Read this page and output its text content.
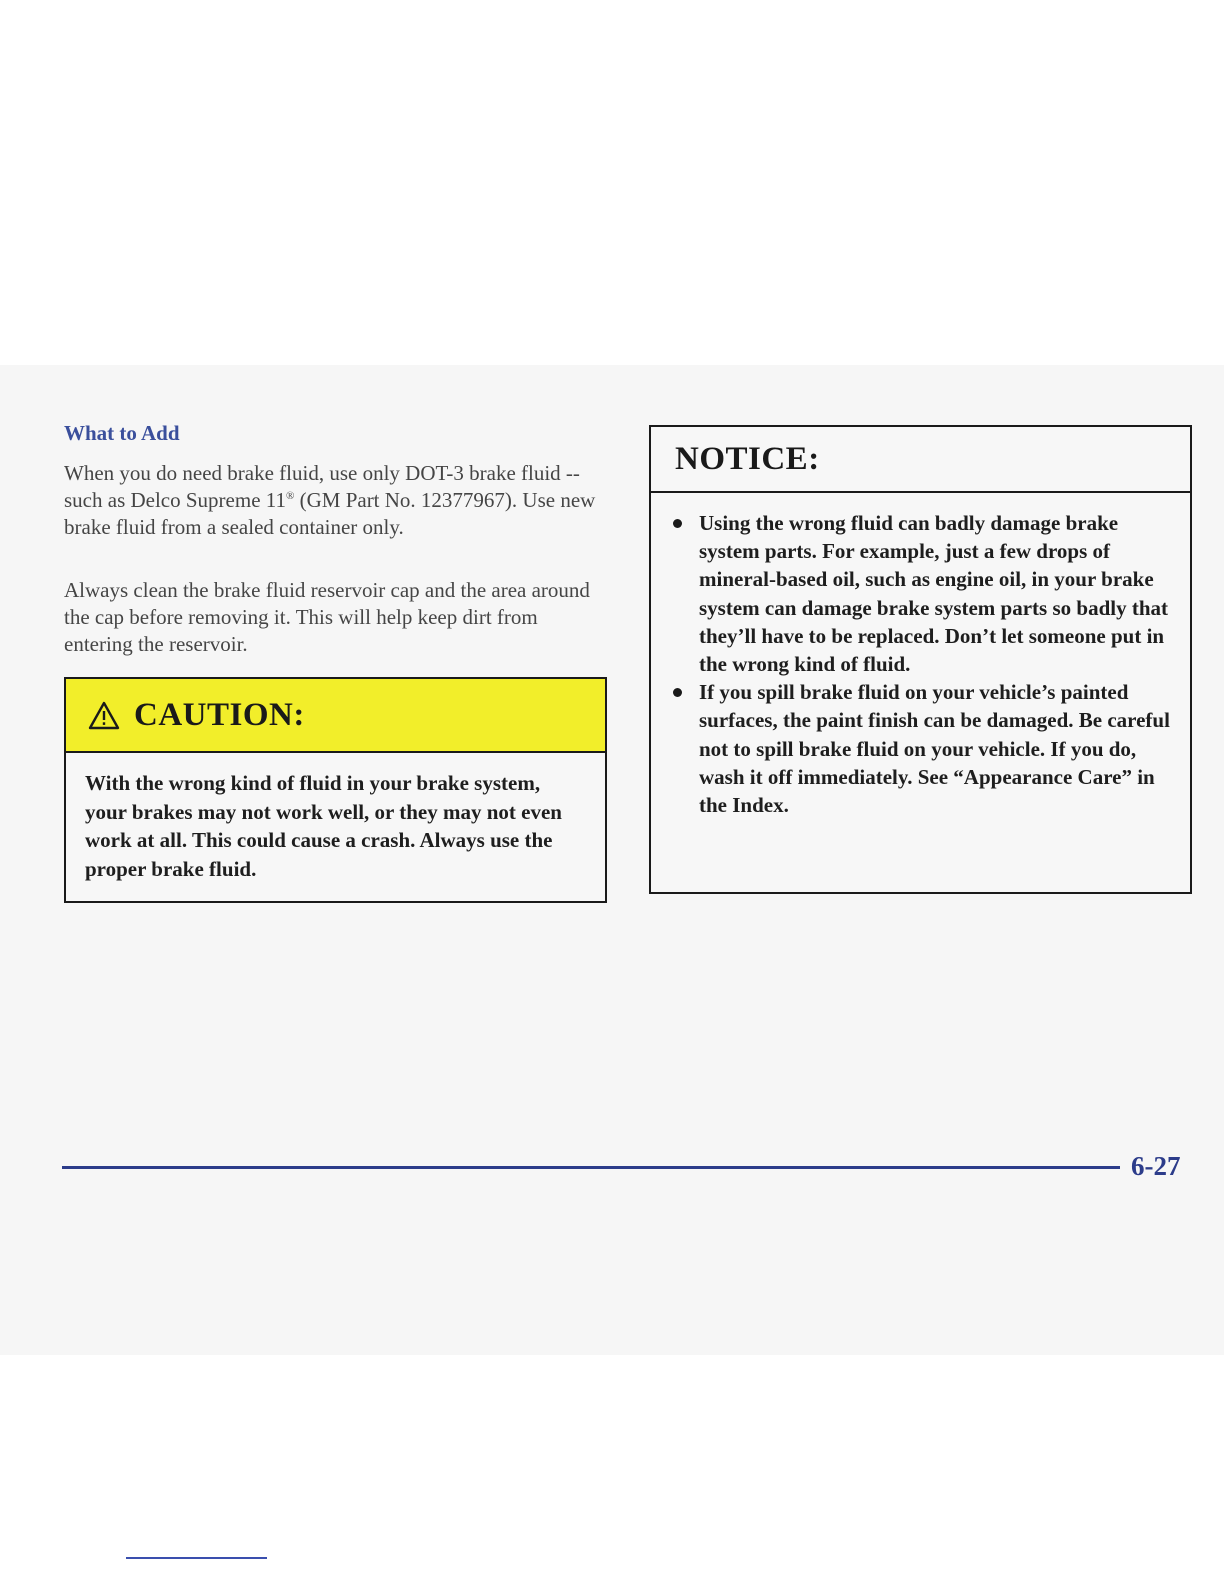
What to Add

When you do need brake fluid, use only DOT-3 brake fluid -- such as Delco Supreme 11® (GM Part No. 12377967). Use new brake fluid from a sealed container only.

Always clean the brake fluid reservoir cap and the area around the cap before removing it. This will help keep dirt from entering the reservoir.

CAUTION:
With the wrong kind of fluid in your brake system, your brakes may not work well, or they may not even work at all. This could cause a crash. Always use the proper brake fluid.
NOTICE:
Using the wrong fluid can badly damage brake system parts. For example, just a few drops of mineral-based oil, such as engine oil, in your brake system can damage brake system parts so badly that they’ll have to be replaced. Don’t let someone put in the wrong kind of fluid.
If you spill brake fluid on your vehicle’s painted surfaces, the paint finish can be damaged. Be careful not to spill brake fluid on your vehicle. If you do, wash it off immediately. See “Appearance Care” in the Index.
6-27
